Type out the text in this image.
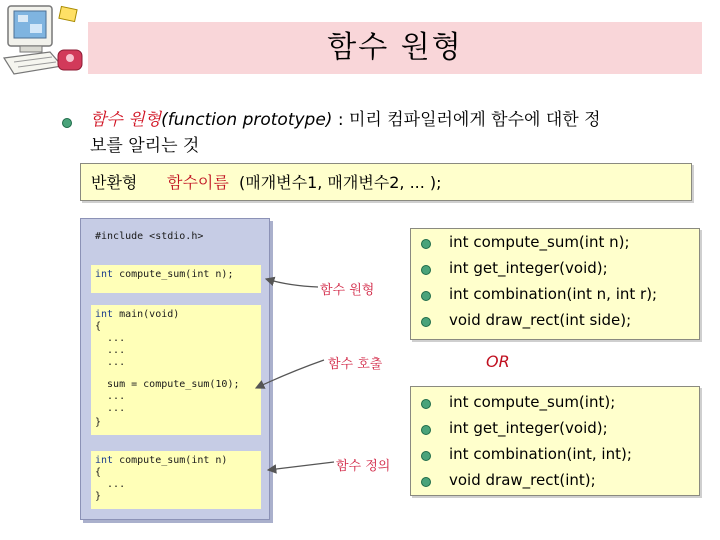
함수 원형
함수 원형(function prototype) : 미리 컴파일러에게 함수에 대한 정
보를 알리는 것
반환형 함수이름 (매개변수1, 매개변수2, ... );
#include <stdio.h>
int compute_sum(int n);
int main(void)
{
...
...
...
sum = compute_sum(10);
...
...
}
int compute_sum(int n)
{
...
}
함수 원형
함수 호출
함수 정의
int compute_sum(int n);
int get_integer(void);
int combination(int n, int r);
void draw_rect(int side);
OR
int compute_sum(int);
int get_integer(void);
int combination(int, int);
void draw_rect(int);
